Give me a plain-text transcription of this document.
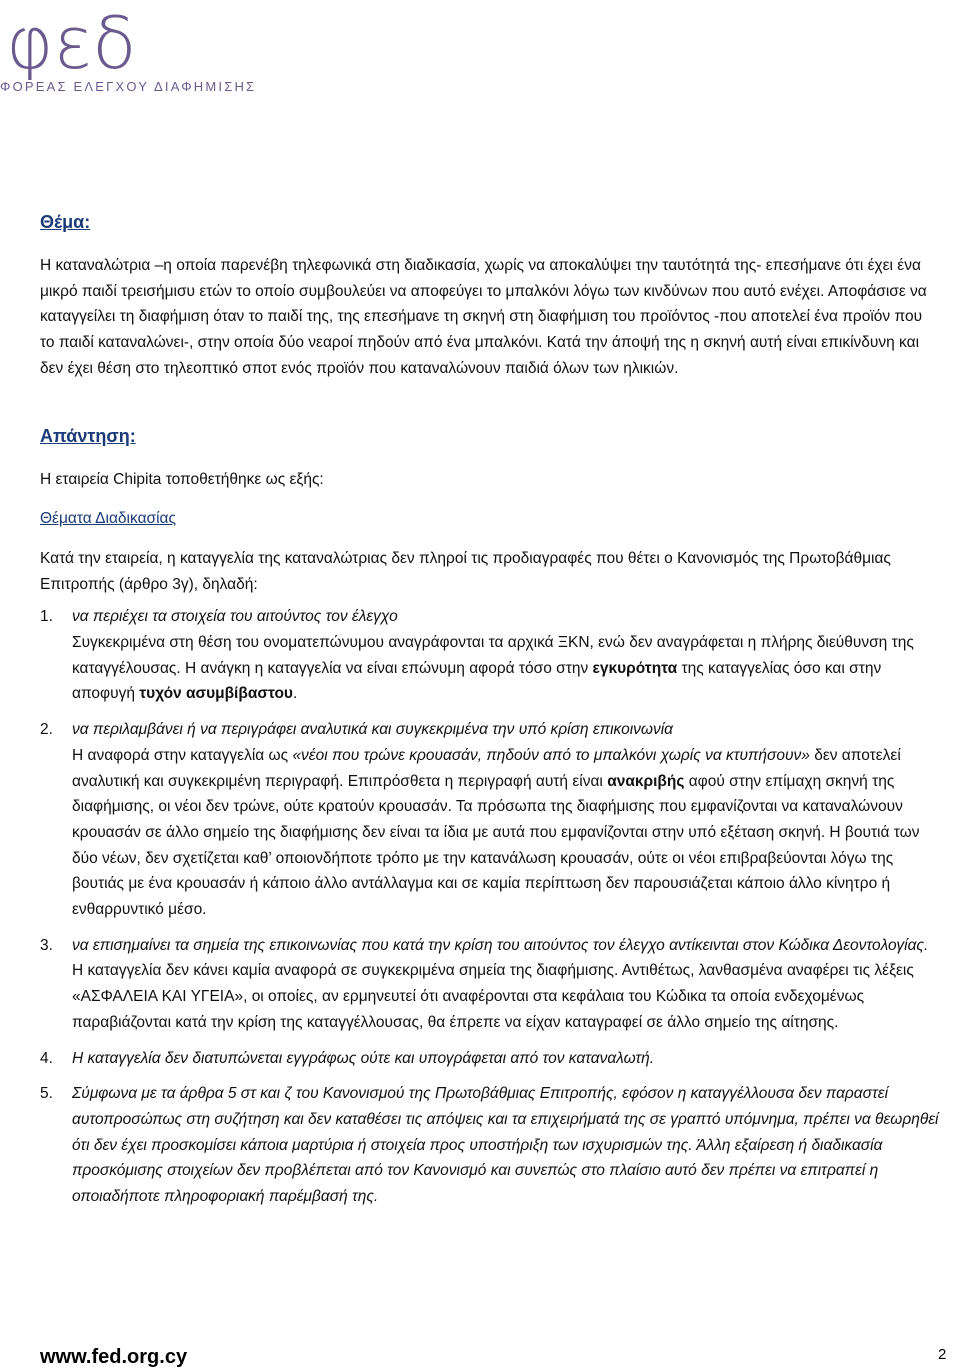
φεδ
ΦΟΡΕΑΣ ΕΛΕΓΧΟΥ ΔΙΑΦΗΜΙΣΗΣ
Θέμα:

Η καταναλώτρια –η οποία παρενέβη τηλεφωνικά στη διαδικασία, χωρίς να αποκαλύψει την ταυτότητά της- επεσήμανε ότι έχει ένα μικρό παιδί τρεισήμισυ ετών το οποίο συμβουλεύει να αποφεύγει το μπαλκόνι λόγω των κινδύνων που αυτό ενέχει. Αποφάσισε να καταγγείλει τη διαφήμιση όταν το παιδί της, της επεσήμανε τη σκηνή στη διαφήμιση του προϊόντος -που αποτελεί ένα προϊόν που το παιδί καταναλώνει-, στην οποία δύο νεαροί πηδούν από ένα μπαλκόνι. Κατά την άποψή της η σκηνή αυτή είναι επικίνδυνη και δεν έχει θέση στο τηλεοπτικό σποτ ενός προϊόν που καταναλώνουν παιδιά όλων των ηλικιών.

Απάντηση:

Η εταιρεία Chipita τοποθετήθηκε ως εξής:

Θέματα Διαδικασίας

Κατά την εταιρεία, η καταγγελία της καταναλώτριας δεν πληροί τις προδιαγραφές που θέτει ο Κανονισμός της Πρωτοβάθμιας Επιτροπής (άρθρο 3γ), δηλαδή:

1. να περιέχει τα στοιχεία του αιτούντος τον έλεγχο
Συγκεκριμένα στη θέση του ονοματεπώνυμου αναγράφονται τα αρχικά ΞΚΝ, ενώ δεν αναγράφεται η πλήρης διεύθυνση της καταγγέλουσας. Η ανάγκη η καταγγελία να είναι επώνυμη αφορά τόσο στην εγκυρότητα της καταγγελίας όσο και στην αποφυγή τυχόν ασυμβίβαστου.
2. να περιλαμβάνει ή να περιγράφει αναλυτικά και συγκεκριμένα την υπό κρίση επικοινωνία
Η αναφορά στην καταγγελία ως «νέοι που τρώνε κρουασάν, πηδούν από το μπαλκόνι χωρίς να κτυπήσουν» δεν αποτελεί αναλυτική και συγκεκριμένη περιγραφή. Επιπρόσθετα η περιγραφή αυτή είναι ανακριβής αφού στην επίμαχη σκηνή της διαφήμισης, οι νέοι δεν τρώνε, ούτε κρατούν κρουασάν. Τα πρόσωπα της διαφήμισης που εμφανίζονται να καταναλώνουν κρουασάν σε άλλο σημείο της διαφήμισης δεν είναι τα ίδια με αυτά που εμφανίζονται στην υπό εξέταση σκηνή. Η βουτιά των δύο νέων, δεν σχετίζεται καθ’ οποιονδήποτε τρόπο με την κατανάλωση κρουασάν, ούτε οι νέοι επιβραβεύονται λόγω της βουτιάς με ένα κρουασάν ή κάποιο άλλο αντάλλαγμα και σε καμία περίπτωση δεν παρουσιάζεται κάποιο άλλο κίνητρο ή ενθαρρυντικό μέσο.
3. να επισημαίνει τα σημεία της επικοινωνίας που κατά την κρίση του αιτούντος τον έλεγχο αντίκεινται στον Κώδικα Δεοντολογίας.
Η καταγγελία δεν κάνει καμία αναφορά σε συγκεκριμένα σημεία της διαφήμισης. Αντιθέτως, λανθασμένα αναφέρει τις λέξεις «ΑΣΦΑΛΕΙΑ ΚΑΙ ΥΓΕΙΑ», οι οποίες, αν ερμηνευτεί ότι αναφέρονται στα κεφάλαια του Κώδικα τα οποία ενδεχομένως παραβιάζονται κατά την κρίση της καταγγέλλουσας, θα έπρεπε να είχαν καταγραφεί σε άλλο σημείο της αίτησης.
4. Η καταγγελία δεν διατυπώνεται εγγράφως ούτε και υπογράφεται από τον καταναλωτή.
5. Σύμφωνα με τα άρθρα 5 στ και ζ του Κανονισμού της Πρωτοβάθμιας Επιτροπής, εφόσον η καταγγέλλουσα δεν παραστεί αυτοπροσώπως στη συζήτηση και δεν καταθέσει τις απόψεις και τα επιχειρήματά της σε γραπτό υπόμνημα, πρέπει να θεωρηθεί ότι δεν έχει προσκομίσει κάποια μαρτύρια ή στοιχεία προς υποστήριξη των ισχυρισμών της. Άλλη εξαίρεση ή διαδικασία προσκόμισης στοιχείων δεν προβλέπεται από τον Κανονισμό και συνεπώς στο πλαίσιο αυτό δεν πρέπει να επιτραπεί η οποιαδήποτε πληροφοριακή παρέμβασή της.
www.fed.org.cy	2
